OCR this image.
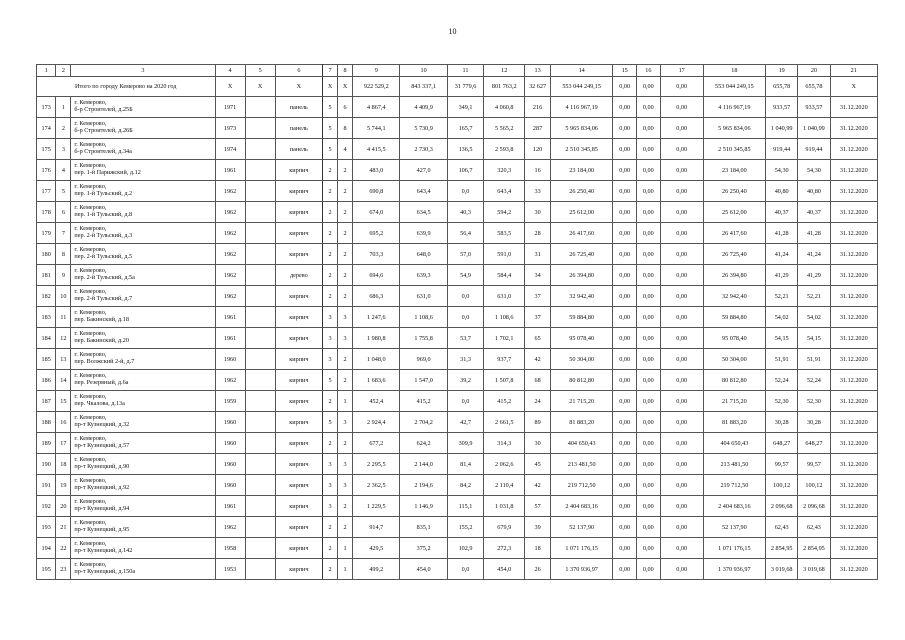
10
1	2	3	4	5	6	7	8	9	10	11	12	13	14	15	16	17	18	19	20	21
Итого по городу Кемерово на 2020 год			X	X	X	X	X	922 529,2	843 337,1	31 779,6	801 763,2	32 627	553 044 249,15	0,00	0,00	0,00	553 044 249,15	655,78	655,78	X
173	1	г. Кемерово,
б-р Строителей, д.25Б	1971		панель	5	6	4 867,4	4 409,9	349,1	4 060,8	216	4 116 967,19	0,00	0,00	0,00	4 116 967,19	933,57	933,57	31.12.2020
174	2	г. Кемерово,
б-р Строителей, д.26Б	1973		панель	5	8	5 744,1	5 730,9	165,7	5 565,2	287	5 965 834,06	0,00	0,00	0,00	5 965 834,06	1 040,99	1 040,99	31.12.2020
175	3	г. Кемерово,
б-р Строителей, д.34а	1974		панель	5	4	4 415,5	2 730,3	136,5	2 593,8	120	2 510 345,85	0,00	0,00	0,00	2 510 345,85	919,44	919,44	31.12.2020
176	4	г. Кемерово,
пер. 1-й Парижский, д.12	1961		кирпич	2	2	483,0	427,0	106,7	320,3	16	23 184,00	0,00	0,00	0,00	23 184,00	54,30	54,30	31.12.2020
177	5	г. Кемерово,
пер. 1-й Тульский, д.2	1962		кирпич	2	2	690,8	643,4	0,0	643,4	33	26 250,40	0,00	0,00	0,00	26 250,40	40,80	40,80	31.12.2020
178	6	г. Кемерово,
пер. 1-й Тульский, д.8	1962		кирпич	2	2	674,0	634,5	40,3	594,2	30	25 612,00	0,00	0,00	0,00	25 612,00	40,37	40,37	31.12.2020
179	7	г. Кемерово,
пер. 2-й Тульский, д.3	1962		кирпич	2	2	695,2	639,9	56,4	583,5	28	26 417,60	0,00	0,00	0,00	26 417,60	41,28	41,28	31.12.2020
180	8	г. Кемерово,
пер. 2-й Тульский, д.5	1962		кирпич	2	2	703,3	648,0	57,0	591,0	31	26 725,40	0,00	0,00	0,00	26 725,40	41,24	41,24	31.12.2020
181	9	г. Кемерово,
пер. 2-й Тульский, д.5а	1962		дерево	2	2	694,6	639,3	54,9	584,4	34	26 394,80	0,00	0,00	0,00	26 394,80	41,29	41,29	31.12.2020
182	10	г. Кемерово,
пер. 2-й Тульский, д.7	1962		кирпич	2	2	686,3	631,0	0,0	631,0	37	32 942,40	0,00	0,00	0,00	32 942,40	52,21	52,21	31.12.2020
183	11	г. Кемерово,
пер. Бакинский, д.18	1961		кирпич	3	3	1 247,6	1 108,6	0,0	1 108,6	37	59 884,80	0,00	0,00	0,00	59 884,80	54,02	54,02	31.12.2020
184	12	г. Кемерово,
пер. Бакинский, д.20	1961		кирпич	3	3	1 980,8	1 755,8	53,7	1 702,1	65	95 078,40	0,00	0,00	0,00	95 078,40	54,15	54,15	31.12.2020
185	13	г. Кемерово,
пер. Волжский 2-й, д.7	1960		кирпич	3	2	1 048,0	969,0	31,3	937,7	42	50 304,00	0,00	0,00	0,00	50 304,00	51,91	51,91	31.12.2020
186	14	г. Кемерово,
пер. Резервный, д.6а	1962		кирпич	5	2	1 683,6	1 547,0	39,2	1 507,8	68	80 812,80	0,00	0,00	0,00	80 812,80	52,24	52,24	31.12.2020
187	15	г. Кемерово,
пер. Чкалова, д.13а	1959		кирпич	2	1	452,4	415,2	0,0	415,2	24	21 715,20	0,00	0,00	0,00	21 715,20	52,30	52,30	31.12.2020
188	16	г. Кемерово,
пр-т Кузнецкий, д.32	1960		кирпич	5	3	2 924,4	2 704,2	42,7	2 661,5	89	81 883,20	0,00	0,00	0,00	81 883,20	30,28	30,28	31.12.2020
189	17	г. Кемерово,
пр-т Кузнецкий, д.57	1960		кирпич	2	2	677,2	624,2	309,9	314,3	30	404 650,43	0,00	0,00	0,00	404 650,43	648,27	648,27	31.12.2020
190	18	г. Кемерово,
пр-т Кузнецкий, д.90	1960		кирпич	3	3	2 295,5	2 144,0	81,4	2 062,6	45	213 481,50	0,00	0,00	0,00	213 481,50	99,57	99,57	31.12.2020
191	19	г. Кемерово,
пр-т Кузнецкий, д.92	1960		кирпич	3	3	2 362,5	2 194,6	84,2	2 110,4	42	219 712,50	0,00	0,00	0,00	219 712,50	100,12	100,12	31.12.2020
192	20	г. Кемерово,
пр-т Кузнецкий, д.94	1961		кирпич	3	2	1 229,5	1 146,9	115,1	1 031,8	57	2 404 683,16	0,00	0,00	0,00	2 404 683,16	2 096,68	2 096,68	31.12.2020
193	21	г. Кемерово,
пр-т Кузнецкий, д.95	1962		кирпич	2	2	914,7	835,1	155,2	679,9	39	52 137,90	0,00	0,00	0,00	52 137,90	62,43	62,43	31.12.2020
194	22	г. Кемерово,
пр-т Кузнецкий, д.142	1958		кирпич	2	1	429,5	375,2	102,9	272,3	18	1 071 176,15	0,00	0,00	0,00	1 071 176,15	2 854,95	2 854,95	31.12.2020
195	23	г. Кемерово,
пр-т Кузнецкий, д.150а	1953		кирпич	2	1	499,2	454,0	0,0	454,0	26	1 370 936,97	0,00	0,00	0,00	1 370 936,97	3 019,68	3 019,68	31.12.2020
